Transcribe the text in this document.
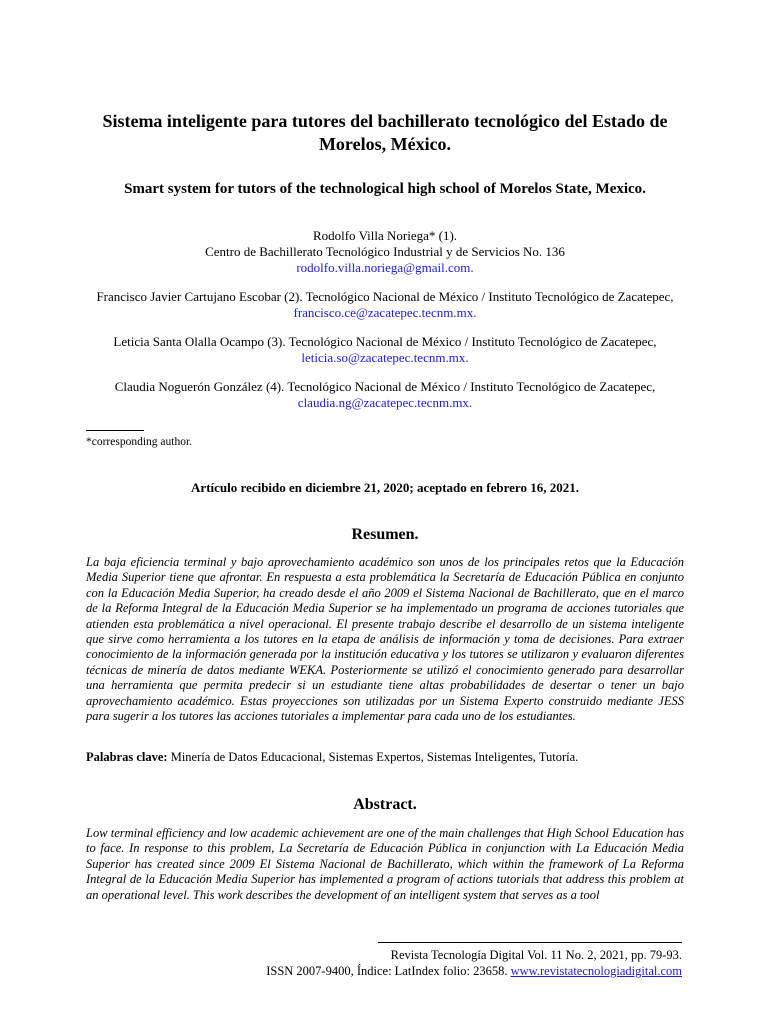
Sistema inteligente para tutores del bachillerato tecnológico del Estado de Morelos, México.
Smart system for tutors of the technological high school of Morelos State, Mexico.
Rodolfo Villa Noriega* (1).
Centro de Bachillerato Tecnológico Industrial y de Servicios No. 136
rodolfo.villa.noriega@gmail.com.
Francisco Javier Cartujano Escobar (2). Tecnológico Nacional de México / Instituto Tecnológico de Zacatepec,
francisco.ce@zacatepec.tecnm.mx.
Leticia Santa Olalla Ocampo (3). Tecnológico Nacional de México / Instituto Tecnológico de Zacatepec,
leticia.so@zacatepec.tecnm.mx.
Claudia Noguerón González (4). Tecnológico Nacional de México / Instituto Tecnológico de Zacatepec,
claudia.ng@zacatepec.tecnm.mx.
*corresponding author.
Artículo recibido en diciembre 21, 2020; aceptado en febrero 16, 2021.
Resumen.
La baja eficiencia terminal y bajo aprovechamiento académico son unos de los principales retos que la Educación Media Superior tiene que afrontar. En respuesta a esta problemática la Secretaría de Educación Pública en conjunto con la Educación Media Superior, ha creado desde el año 2009 el Sistema Nacional de Bachillerato, que en el marco de la Reforma Integral de la Educación Media Superior se ha implementado un programa de acciones tutoriales que atienden esta problemática a nivel operacional. El presente trabajo describe el desarrollo de un sistema inteligente que sirve como herramienta a los tutores en la etapa de análisis de información y toma de decisiones. Para extraer conocimiento de la información generada por la institución educativa y los tutores se utilizaron y evaluaron diferentes técnicas de minería de datos mediante WEKA. Posteriormente se utilizó el conocimiento generado para desarrollar una herramienta que permita predecir si un estudiante tiene altas probabilidades de desertar o tener un bajo aprovechamiento académico. Estas proyecciones son utilizadas por un Sistema Experto construido mediante JESS para sugerir a los tutores las acciones tutoriales a implementar para cada uno de los estudiantes.
Palabras clave: Minería de Datos Educacional, Sistemas Expertos, Sistemas Inteligentes, Tutoría.
Abstract.
Low terminal efficiency and low academic achievement are one of the main challenges that High School Education has to face. In response to this problem, La Secretaría de Educación Pública in conjunction with La Educación Media Superior has created since 2009 El Sistema Nacional de Bachillerato, which within the framework of La Reforma Integral de la Educación Media Superior has implemented a program of actions tutorials that address this problem at an operational level. This work describes the development of an intelligent system that serves as a tool
Revista Tecnología Digital Vol. 11 No. 2, 2021, pp. 79-93.
ISSN 2007-9400, Índice: LatIndex folio: 23658. www.revistatecnologiadigital.com
